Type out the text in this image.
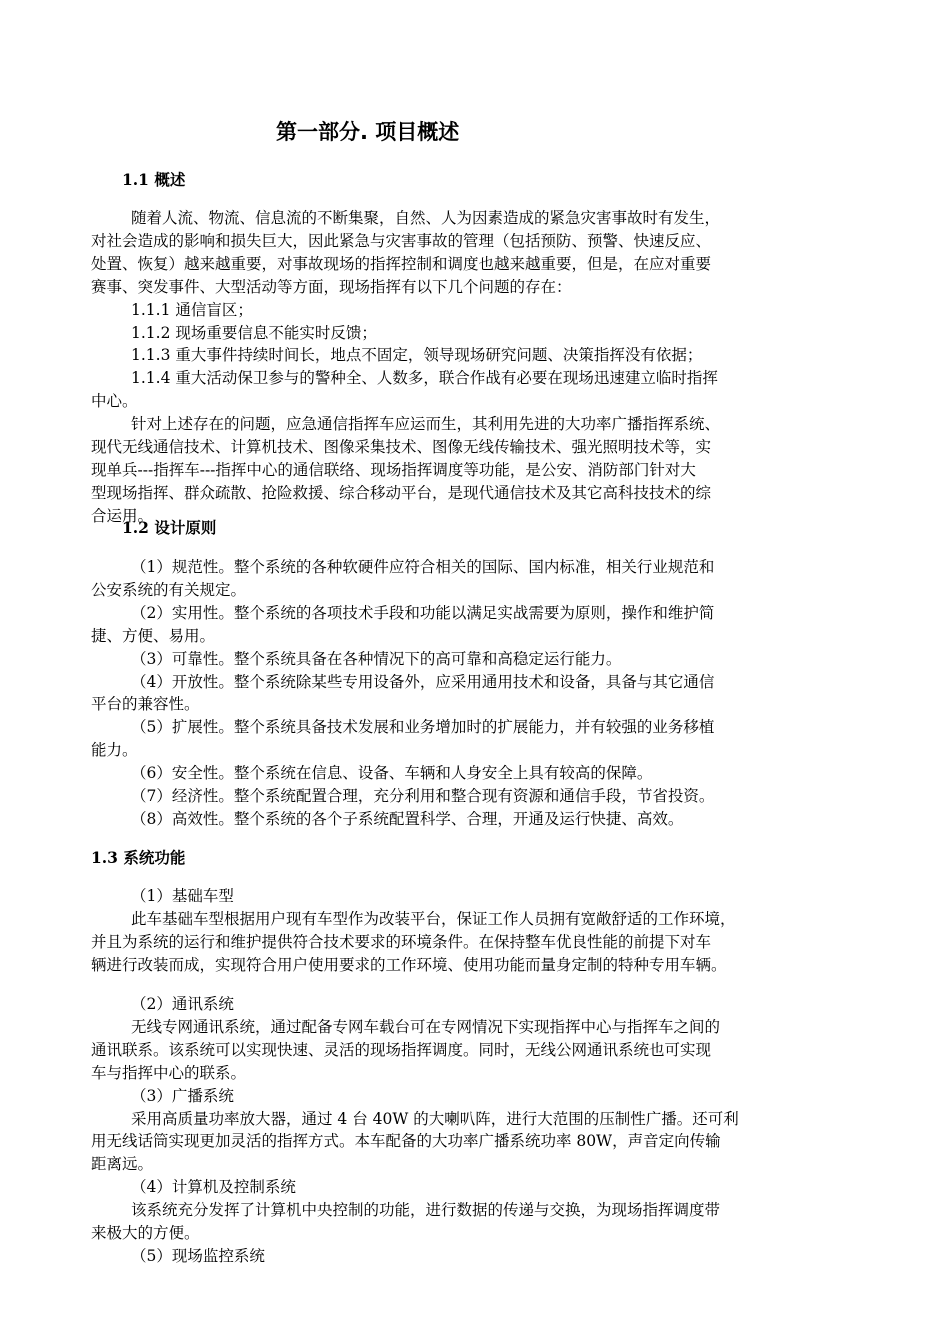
第一部分. 项目概述
1.1 概述
随着人流、物流、信息流的不断集聚，自然、人为因素造成的紧急灾害事故时有发生，
对社会造成的影响和损失巨大，因此紧急与灾害事故的管理（包括预防、预警、快速反应、
处置、恢复）越来越重要，对事故现场的指挥控制和调度也越来越重要，但是，在应对重要
赛事、突发事件、大型活动等方面，现场指挥有以下几个问题的存在：
1.1.1 通信盲区；
1.1.2 现场重要信息不能实时反馈；
1.1.3 重大事件持续时间长，地点不固定，领导现场研究问题、决策指挥没有依据；
1.1.4 重大活动保卫参与的警种全、人数多，联合作战有必要在现场迅速建立临时指挥
中心。
针对上述存在的问题，应急通信指挥车应运而生，其利用先进的大功率广播指挥系统、
现代无线通信技术、计算机技术、图像采集技术、图像无线传输技术、强光照明技术等，实
现单兵---指挥车---指挥中心的通信联络、现场指挥调度等功能，是公安、消防部门针对大
型现场指挥、群众疏散、抢险救援、综合移动平台，是现代通信技术及其它高科技技术的综
合运用。
1.2 设计原则
（1）规范性。整个系统的各种软硬件应符合相关的国际、国内标准，相关行业规范和
公安系统的有关规定。
（2）实用性。整个系统的各项技术手段和功能以满足实战需要为原则，操作和维护简
捷、方便、易用。
（3）可靠性。整个系统具备在各种情况下的高可靠和高稳定运行能力。
（4）开放性。整个系统除某些专用设备外，应采用通用技术和设备，具备与其它通信
平台的兼容性。
（5）扩展性。整个系统具备技术发展和业务增加时的扩展能力，并有较强的业务移植
能力。
（6）安全性。整个系统在信息、设备、车辆和人身安全上具有较高的保障。
（7）经济性。整个系统配置合理，充分利用和整合现有资源和通信手段，节省投资。
（8）高效性。整个系统的各个子系统配置科学、合理，开通及运行快捷、高效。
1.3 系统功能
（1）基础车型
此车基础车型根据用户现有车型作为改装平台，保证工作人员拥有宽敞舒适的工作环境，
并且为系统的运行和维护提供符合技术要求的环境条件。在保持整车优良性能的前提下对车
辆进行改装而成，实现符合用户使用要求的工作环境、使用功能而量身定制的特种专用车辆。
（2）通讯系统
无线专网通讯系统，通过配备专网车载台可在专网情况下实现指挥中心与指挥车之间的
通讯联系。该系统可以实现快速、灵活的现场指挥调度。同时，无线公网通讯系统也可实现
车与指挥中心的联系。
（3）广播系统
采用高质量功率放大器，通过 4 台 40W 的大喇叭阵，进行大范围的压制性广播。还可利
用无线话筒实现更加灵活的指挥方式。本车配备的大功率广播系统功率 80W，声音定向传输
距离远。
（4）计算机及控制系统
该系统充分发挥了计算机中央控制的功能，进行数据的传递与交换，为现场指挥调度带
来极大的方便。
（5）现场监控系统
